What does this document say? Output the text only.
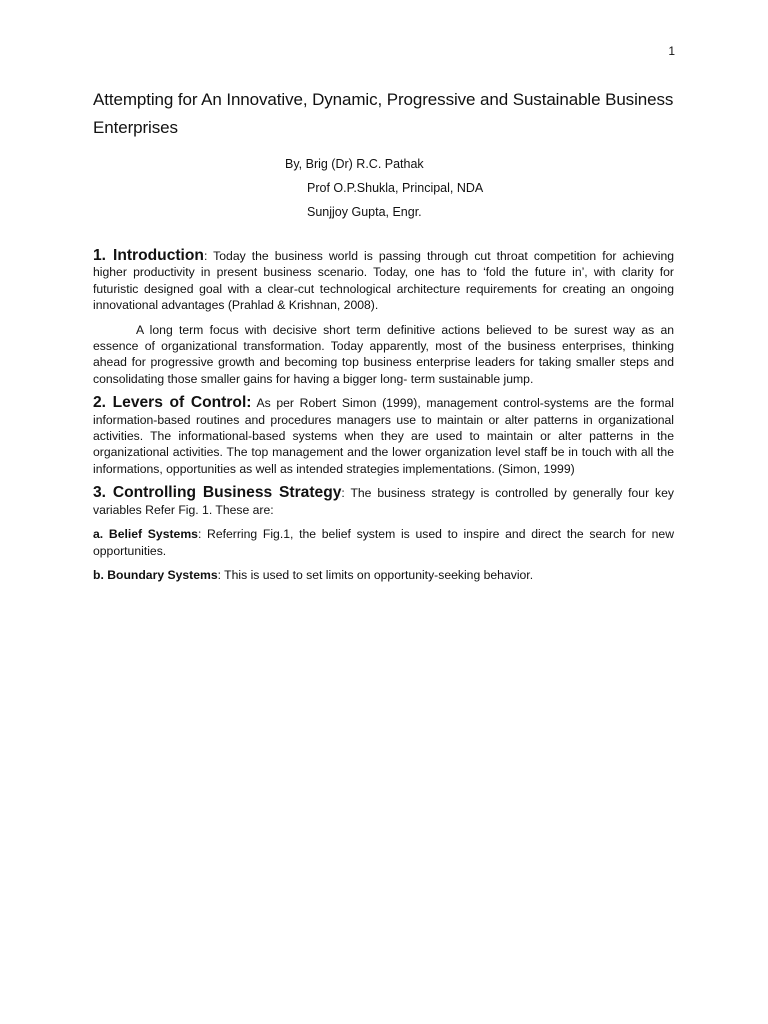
1
Attempting for An Innovative, Dynamic, Progressive and Sustainable Business Enterprises
By, Brig (Dr) R.C. Pathak
Prof O.P.Shukla, Principal, NDA
Sunjjoy Gupta, Engr.

1. Introduction: Today the business world is passing through cut throat competition for achieving higher productivity in present business scenario. Today, one has to ‘fold the future in’, with clarity for futuristic designed goal with a clear-cut technological architecture requirements for creating an ongoing innovational advantages (Prahlad & Krishnan, 2008).

A long term focus with decisive short term definitive actions believed to be surest way as an essence of organizational transformation. Today apparently, most of the business enterprises, thinking ahead for progressive growth and becoming top business enterprise leaders for taking smaller steps and consolidating those smaller gains for having a bigger long- term sustainable jump.

2. Levers of Control: As per Robert Simon (1999), management control-systems are the formal information-based routines and procedures managers use to maintain or alter patterns in organizational activities. The informational-based systems when they are used to maintain or alter patterns in the organizational activities. The top management and the lower organization level staff be in touch with all the informations, opportunities as well as intended strategies implementations. (Simon, 1999)

3. Controlling Business Strategy: The business strategy is controlled by generally four key variables Refer Fig. 1. These are:

a. Belief Systems: Referring Fig.1, the belief system is used to inspire and direct the search for new opportunities.

b. Boundary Systems: This is used to set limits on opportunity-seeking behavior.
